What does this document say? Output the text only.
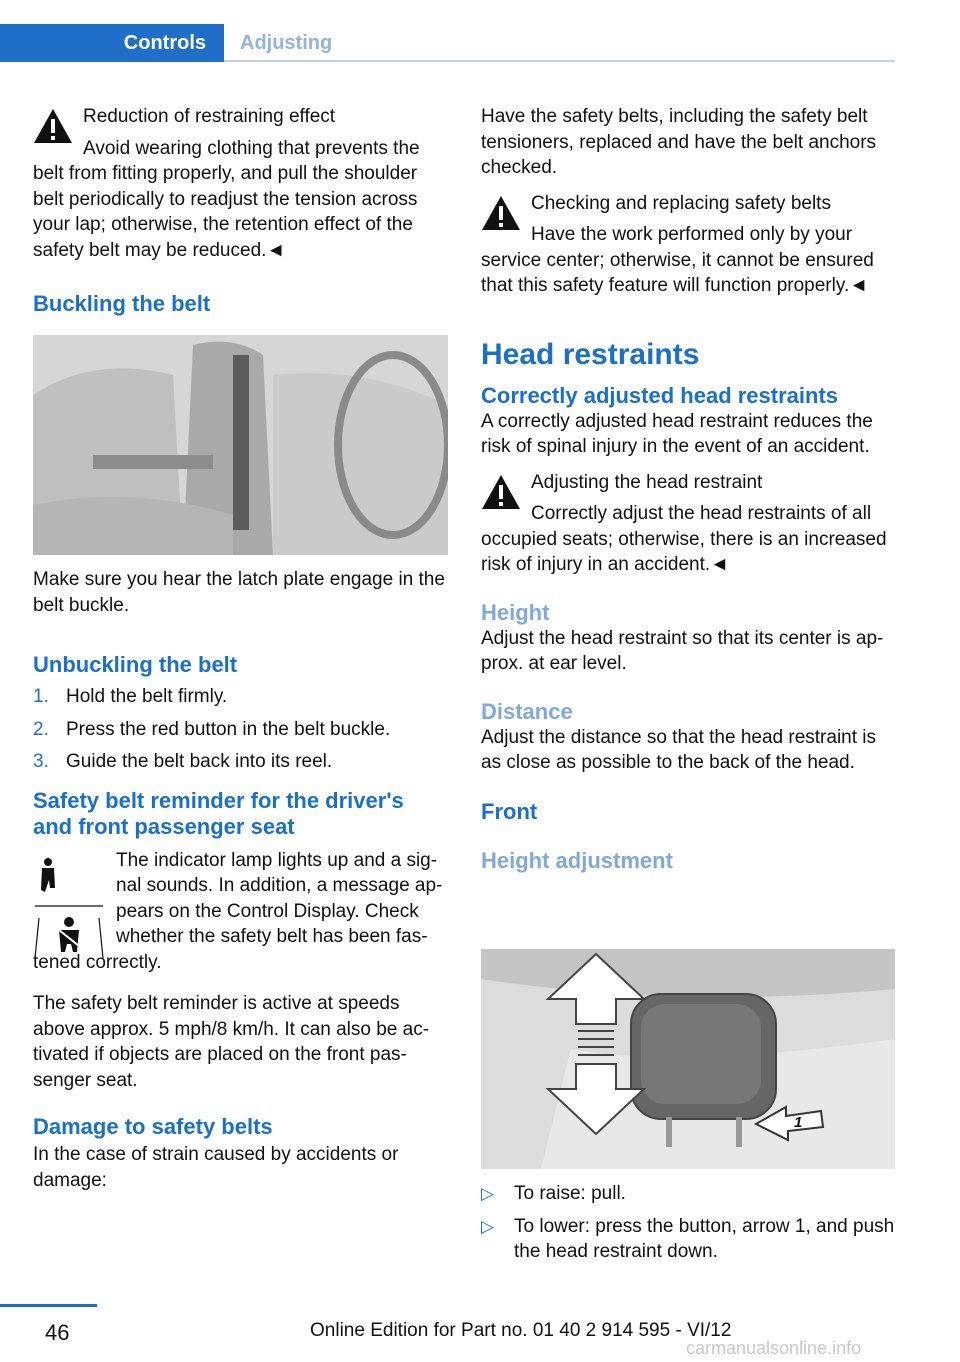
Controls Adjusting

Reduction of restraining effect

Avoid wearing clothing that prevents the

belt from fitting properly, and pull the shoulder belt periodically to readjust the tension across your lap; otherwise, the retention effect of the safety belt may be reduced.◄

Buckling the belt

Make sure you hear the latch plate engage in the belt buckle.

Unbuckling the belt

1. Hold the belt firmly.
2. Press the red button in the belt buckle.
3. Guide the belt back into its reel.

Safety belt reminder for the driver's and front passenger seat

The indicator lamp lights up and a sig-nal sounds. In addition, a message ap-pears on the Control Display. Check whether the safety belt has been fas-

tened correctly.

The safety belt reminder is active at speeds above approx. 5 mph/8 km/h. It can also be ac-tivated if objects are placed on the front pas-senger seat.

Damage to safety belts

In the case of strain caused by accidents or damage:

Have the safety belts, including the safety belt tensioners, replaced and have the belt anchors checked.

Checking and replacing safety belts

Have the work performed only by your

service center; otherwise, it cannot be ensured that this safety feature will function properly.◄

Head restraints

Correctly adjusted head restraints

A correctly adjusted head restraint reduces the risk of spinal injury in the event of an accident.

Adjusting the head restraint

Correctly adjust the head restraints of all

occupied seats; otherwise, there is an increased risk of injury in an accident.◄

Height

Adjust the head restraint so that its center is ap-prox. at ear level.

Distance

Adjust the distance so that the head restraint is as close as possible to the back of the head.

Front

Height adjustment

1
▷ To raise: pull.
▷ To lower: press the button, arrow 1, and push the head restraint down.
46	Online Edition for Part no. 01 40 2 914 595 - VI/12
carmanualsonline.info
